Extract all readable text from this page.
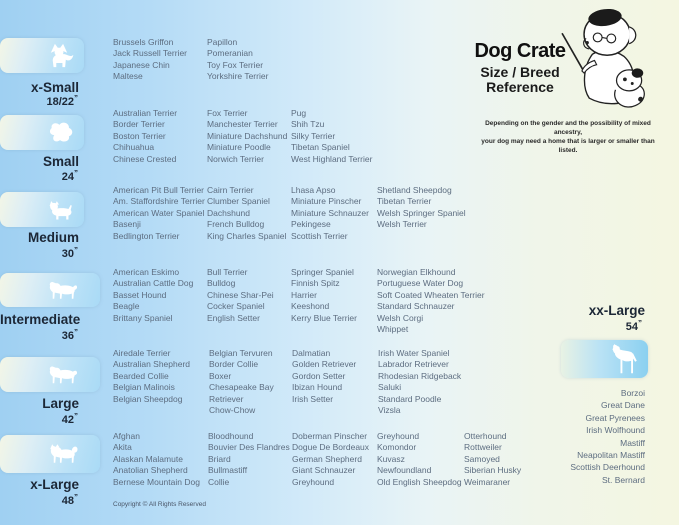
Dog Crate
Size / Breed
Reference
Depending on the gender and the possibility of mixed ancestry,
your dog may need a home that is larger or smaller than listed.
x-Small
18/22”
Small
24”
Medium
30”
Intermediate
36”
Large
42”
x-Large
48”
Brussels Griffon
Jack Russell Terrier
Japanese Chin
Maltese
Papillon
Pomeranian
Toy Fox Terrier
Yorkshire Terrier
Australian Terrier
Border Terrier
Boston Terrier
Chihuahua
Chinese Crested
Fox Terrier
Manchester Terrier
Miniature Dachshund
Miniature Poodle
Norwich Terrier
Pug
Shih Tzu
Silky Terrier
Tibetan Spaniel
West Highland Terrier
American Pit Bull Terrier
Am. Staffordshire Terrier
American Water Spaniel
Basenji
Bedlington Terrier
Cairn Terrier
Clumber Spaniel
Dachshund
French Bulldog
King Charles Spaniel
Lhasa Apso
Miniature Pinscher
Miniature Schnauzer
Pekingese
Scottish Terrier
Shetland Sheepdog
Tibetan Terrier
Welsh Springer Spaniel
Welsh Terrier
American Eskimo
Australian Cattle Dog
Basset Hound
Beagle
Brittany Spaniel
Bull Terrier
Bulldog
Chinese Shar-Pei
Cocker Spaniel
English Setter
Springer Spaniel
Finnish Spitz
Harrier
Keeshond
Kerry Blue Terrier
Norwegian Elkhound
Portuguese Water Dog
Soft Coated Wheaten Terrier
Standard Schnauzer
Welsh Corgi
Whippet
Airedale Terrier
Australian Shepherd
Bearded Collie
Belgian Malinois
Belgian Sheepdog
Belgian Tervuren
Border Collie
Boxer
Chesapeake Bay Retriever
Chow-Chow
Dalmatian
Golden Retriever
Gordon Setter
Ibizan Hound
Irish Setter
Irish Water Spaniel
Labrador Retriever
Rhodesian Ridgeback
Saluki
Standard Poodle
Vizsla
Afghan
Akita
Alaskan Malamute
Anatolian Shepherd
Bernese Mountain Dog
Bloodhound
Bouvier Des Flandres
Briard
Bullmastiff
Collie
Doberman Pinscher
Dogue De Bordeaux
German Shepherd
Giant Schnauzer
Greyhound
Greyhound
Komondor
Kuvasz
Newfoundland
Old English Sheepdog
Otterhound
Rottweiler
Samoyed
Siberian Husky
Weimaraner
xx-Large
54”
Borzoi
Great Dane
Great Pyrenees
Irish Wolfhound
Mastiff
Neapolitan Mastiff
Scottish Deerhound
St. Bernard
Copyright © All Rights Reserved
